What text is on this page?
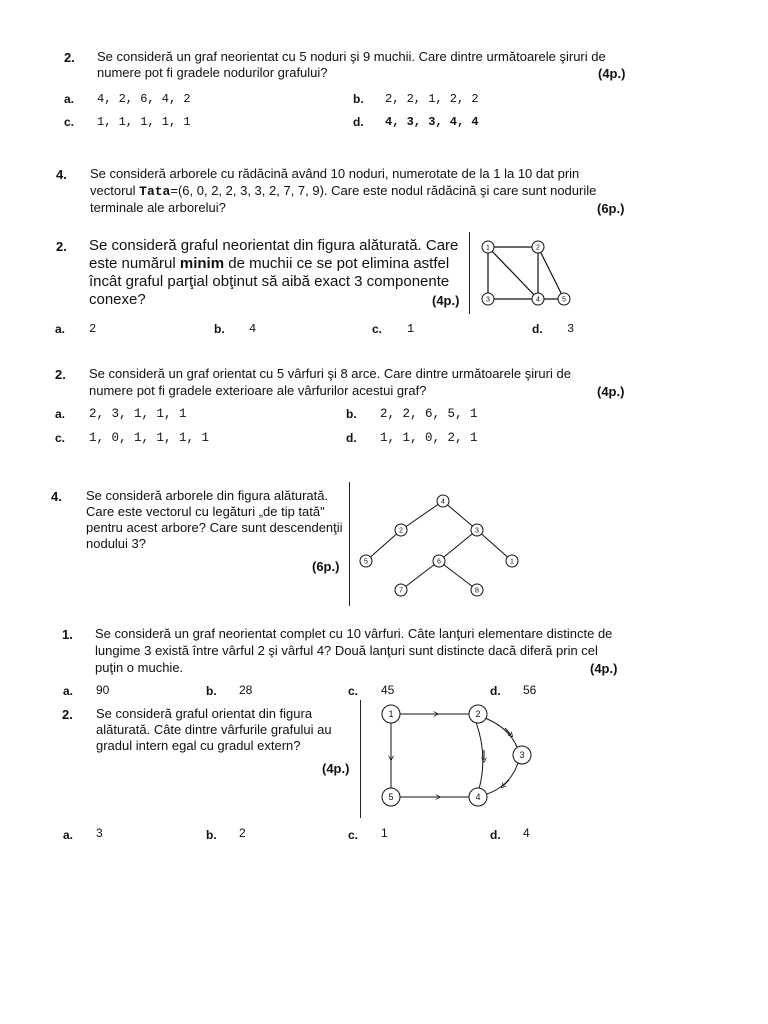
2. Se consideră un graf neorientat cu 5 noduri şi 9 muchii. Care dintre următoarele şiruri de
numere pot fi gradele nodurilor grafului?	(4p.)
a. 4, 2, 6, 4, 2	b. 2, 2, 1, 2, 2
c. 1, 1, 1, 1, 1	d. 4, 3, 3, 4, 4
4. Se consideră arborele cu rădăcină având 10 noduri, numerotate de la 1 la 10 dat prin
vectorul Tata=(6, 0, 2, 2, 3, 3, 2, 7, 7, 9). Care este nodul rădăcină şi care sunt nodurile
terminale ale arborelui?	(6p.)
2. Se consideră graful neorientat din figura alăturată. Care
este numărul minim de muchii ce se pot elimina astfel
încât graful parţial obţinut să aibă exact 3 componente
conexe?	(4p.)
1	2
3	4	5
a. 2	b. 4	c. 1	d. 3
2. Se consideră un graf orientat cu 5 vârfuri şi 8 arce. Care dintre următoarele şiruri de
numere pot fi gradele exterioare ale vârfurilor acestui graf?	(4p.)
a. 2, 3, 1, 1, 1	b. 2, 2, 6, 5, 1
c. 1, 0, 1, 1, 1, 1	d. 1, 1, 0, 2, 1
4. Se consideră arborele din figura alăturată.
Care este vectorul cu legături „de tip tată"
pentru acest arbore? Care sunt descendenţii
nodului 3?
(6p.)
4
2	3
5	6	1
7	8
1. Se consideră un graf neorientat complet cu 10 vârfuri. Câte lanţuri elementare distincte de
lungime 3 există între vârful 2 şi vârful 4? Două lanţuri sunt distincte dacă diferă prin cel
puţin o muchie.	(4p.)
a. 90	b. 28	c. 45	d. 56
2. Se consideră graful orientat din figura
alăturată. Câte dintre vârfurile grafului au
gradul intern egal cu gradul extern?
(4p.)
1	2
3
4
5
a. 3	b. 2	c. 1	d. 4
